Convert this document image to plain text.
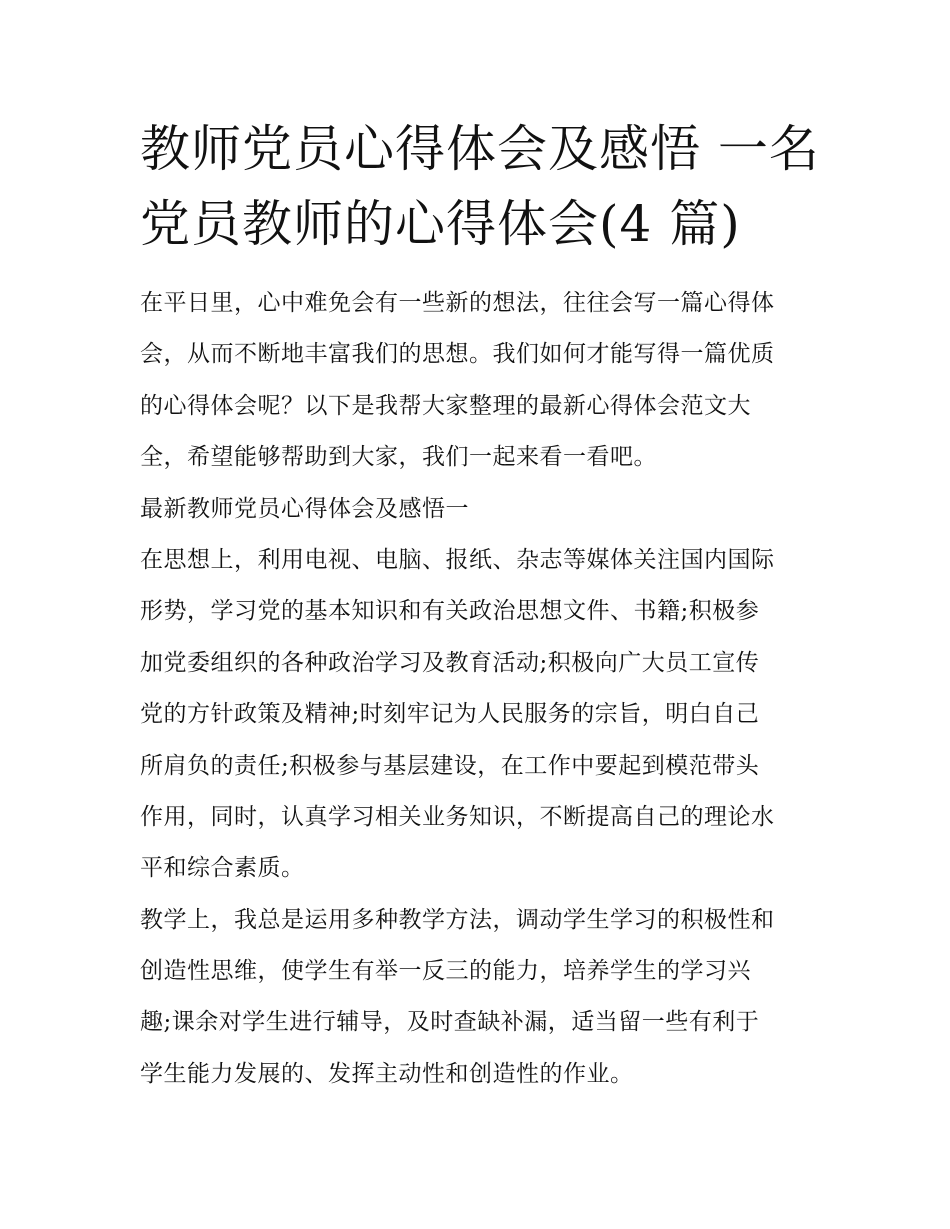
教师党员心得体会及感悟 一名
党员教师的心得体会(4 篇)
在平日里，心中难免会有一些新的想法，往往会写一篇心得体
会，从而不断地丰富我们的思想。我们如何才能写得一篇优质
的心得体会呢？以下是我帮大家整理的最新心得体会范文大
全，希望能够帮助到大家，我们一起来看一看吧。
最新教师党员心得体会及感悟一
在思想上，利用电视、电脑、报纸、杂志等媒体关注国内国际
形势，学习党的基本知识和有关政治思想文件、书籍;积极参
加党委组织的各种政治学习及教育活动;积极向广大员工宣传
党的方针政策及精神;时刻牢记为人民服务的宗旨，明白自己
所肩负的责任;积极参与基层建设，在工作中要起到模范带头
作用，同时，认真学习相关业务知识，不断提高自己的理论水
平和综合素质。
教学上，我总是运用多种教学方法，调动学生学习的积极性和
创造性思维，使学生有举一反三的能力，培养学生的学习兴
趣;课余对学生进行辅导，及时查缺补漏，适当留一些有利于
学生能力发展的、发挥主动性和创造性的作业。
